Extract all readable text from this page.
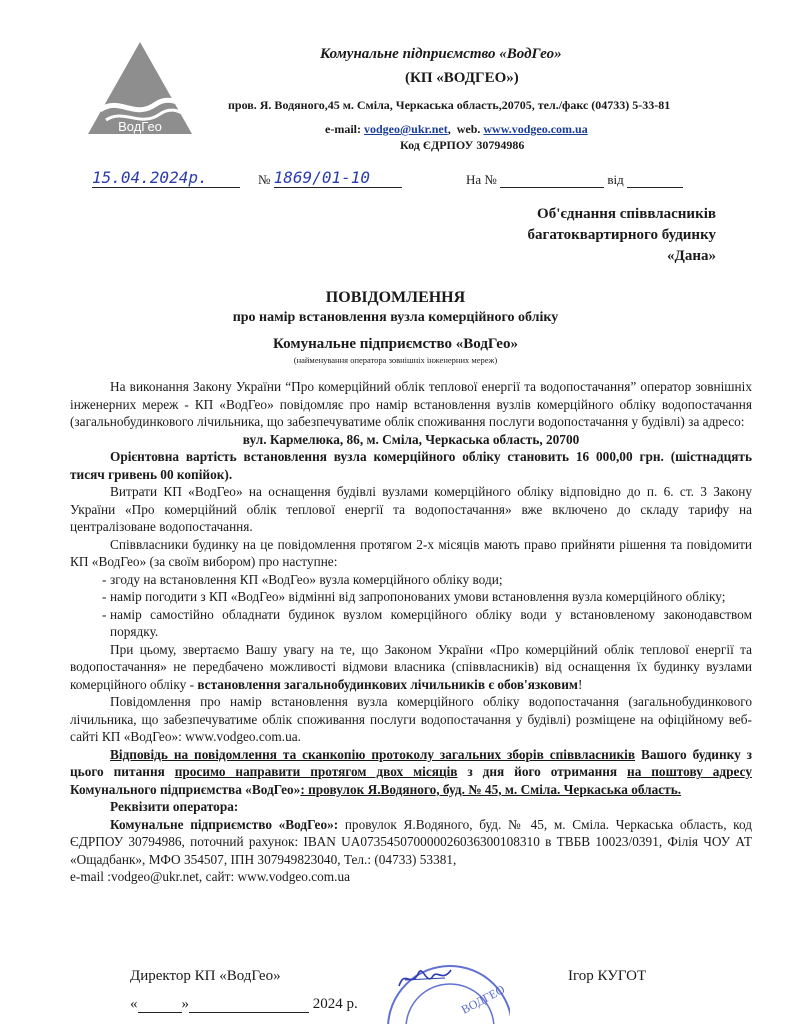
ВодГео
Комунальне підприємство «ВодГео»
(КП «ВОДГЕО»)
пров. Я. Водяного,45 м. Сміла, Черкаська область,20705, тел./факс (04733) 5-33-81
e-mail: vodgeo@ukr.net,  web. www.vodgeo.com.ua
Код ЄДРПОУ 30794986
15.04.2024р.	№ 1869/01-10	На №	від
Об'єднання співвласників
багатоквартирного будинку
«Дана»
ПОВІДОМЛЕННЯ
про намір встановлення вузла комерційного обліку
Комунальне підприємство «ВодГео»
(найменування оператора зовнішніх інженерних мереж)

На виконання Закону України “Про комерційний облік теплової енергії та водопостачання” оператор зовнішніх інженерних мереж - КП «ВодГео» повідомляє про намір встановлення вузлів комерційного обліку водопостачання (загальнобудинкового лічильника, що забезпечуватиме облік споживання послуги водопостачання у будівлі) за адресо:

вул. Кармелюка, 86, м. Сміла, Черкаська область, 20700

Орієнтовна вартість встановлення вузла комерційного обліку становить 16 000,00 грн. (шістнадцять тисяч гривень 00 копійок).

Витрати КП «ВодГео» на оснащення будівлі вузлами комерційного обліку відповідно до п. 6. ст. 3 Закону України «Про комерційний облік теплової енергії та водопостачання» вже включено до складу тарифу на централізоване водопостачання.

Співвласники будинку на це повідомлення протягом 2-х місяців мають право прийняти рішення та повідомити КП «ВодГео» (за своїм вибором) про наступне:

- згоду на встановлення КП «ВодГео» вузла комерційного обліку води;
- намір погодити з КП «ВодГео» відмінні від запропонованих умови встановлення вузла комерційного обліку;
- намір самостійно обладнати будинок вузлом комерційного обліку води у встановленому законодавством порядку.

При цьому, звертаємо Вашу увагу на те, що Законом України «Про комерційний облік теплової енергії та водопостачання» не передбачено можливості відмови власника (співвласників) від оснащення їх будинку вузлами комерційного обліку - встановлення загальнобудинкових лічильників є обов'язковим!

Повідомлення про намір встановлення вузла комерційного обліку водопостачання (загальнобудинкового лічильника, що забезпечуватиме облік споживання послуги водопостачання у будівлі) розміщене на офіційному веб-сайті КП «ВодГео»: www.vodgeo.com.ua.

Відповідь на повідомлення та сканкопію протоколу загальних зборів співвласників Вашого будинку з цього питання просимо направити протягом двох місяців з дня його отримання на поштову адресу Комунального підприємства «ВодГео»: провулок Я.Водяного, буд. № 45, м. Сміла. Черкаська область.

Реквізити оператора:

Комунальне підприємство «ВодГео»: провулок Я.Водяного, буд. № 45, м. Сміла. Черкаська область, код ЄДРПОУ 30794986, поточний рахунок: IBAN UA073545070000026036300108310 в ТВБВ 10023/0391, Філія ЧОУ АТ «Ощадбанк», МФО 354507, ІПН 307949823040, Тел.: (04733) 53381,

e-mail :vodgeo@ukr.net, сайт: www.vodgeo.com.ua

Директор КП «ВодГео»	Ігор КУГОТ
«	»	2024 р.	ВОДГЕО
